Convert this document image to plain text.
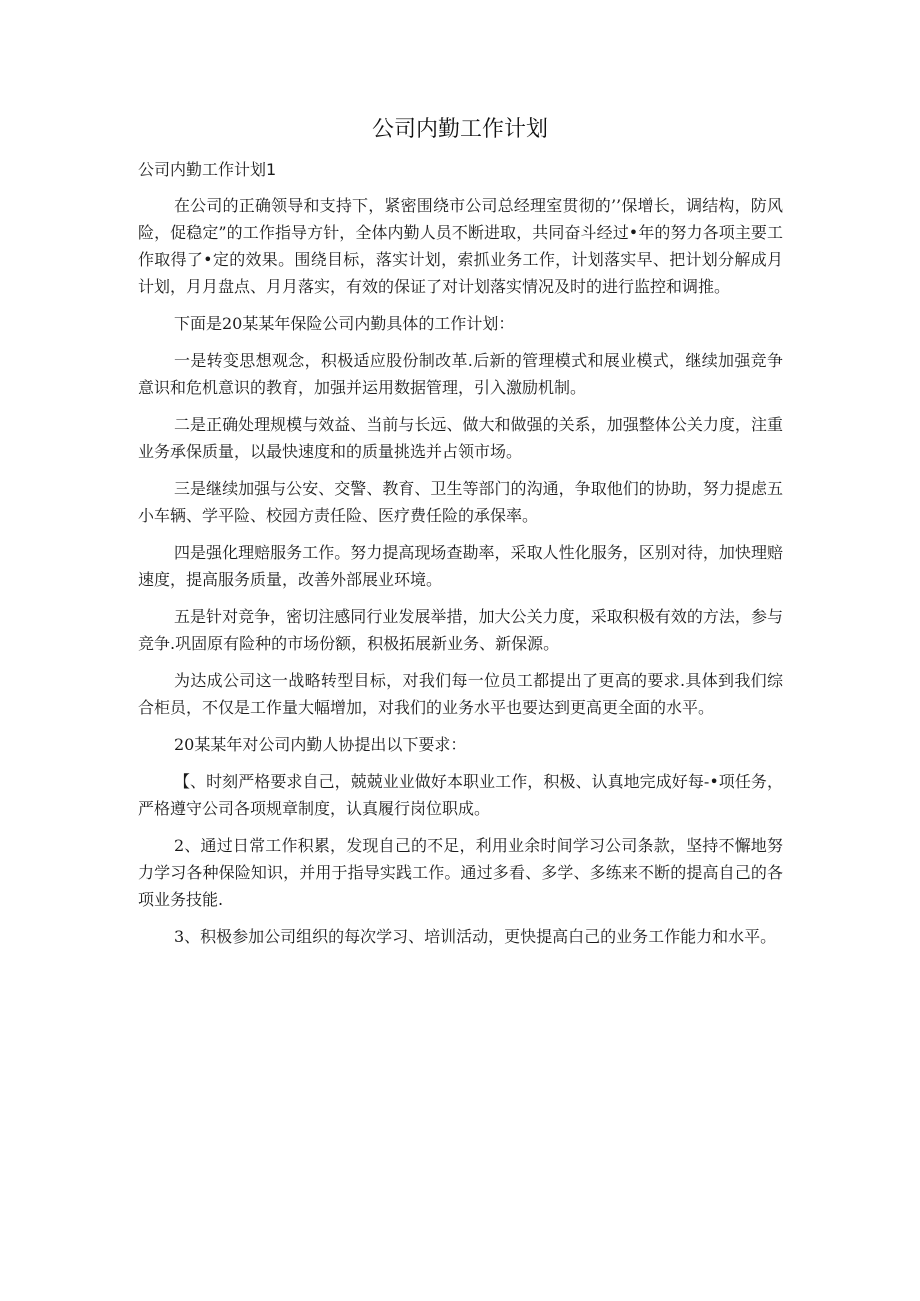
公司内勤工作计划
公司内勤工作计划1

在公司的正确领导和支持下，紧密围绕市公司总经理室贯彻的’’保增长，调结构，防风险，促稳定”的工作指导方针，全体内勤人员不断进取，共同奋斗经过•年的努力各项主要工作取得了•定的效果。围绕目标，落实计划，索抓业务工作，计划落实早、把计划分解成月计划，月月盘点、月月落实，有效的保证了对计划落实情况及时的进行监控和调推。

下面是20某某年保险公司内勤具体的工作计划：

一是转变思想观念，积极适应股份制改革.后新的管理模式和展业模式，继续加强竞争意识和危机意识的教育，加强并运用数据管理，引入激励机制。

二是正确处理规模与效益、当前与长远、做大和做强的关系，加强整体公关力度，注重业务承保质量，以最快速度和的质量挑选并占领市场。

三是继续加强与公安、交警、教育、卫生等部门的沟通，争取他们的协助，努力提虑五小车辆、学平险、校园方责任险、医疗费任险的承保率。

四是强化理赔服务工作。努力提高现场查勘率，采取人性化服务，区别对待，加快理赔速度，提高服务质量，改善外部展业环境。

五是针对竞争，密切注感同行业发展举措，加大公关力度，采取积极有效的方法，参与竞争.巩固原有险种的市场份额，积极拓展新业务、新保源。

为达成公司这一战略转型目标，对我们每一位员工都提出了更高的要求.具体到我们综合柜员，不仅是工作量大幅增加，对我们的业务水平也要达到更高更全面的水平。

20某某年对公司内勤人协提出以下要求：

【、时刻严格要求自己，兢兢业业做好本职业工作，积极、认真地完成好每-•项任务，严格遵守公司各项规章制度，认真履行岗位职成。

2、通过日常工作积累，发现自己的不足，利用业余时间学习公司条款，坚持不懈地努力学习各种保险知识，并用于指导实践工作。通过多看、多学、多练来不断的提高自己的各项业务技能.

3、积极参加公司组织的每次学习、培训活动，更快提高白己的业务工作能力和水平。
